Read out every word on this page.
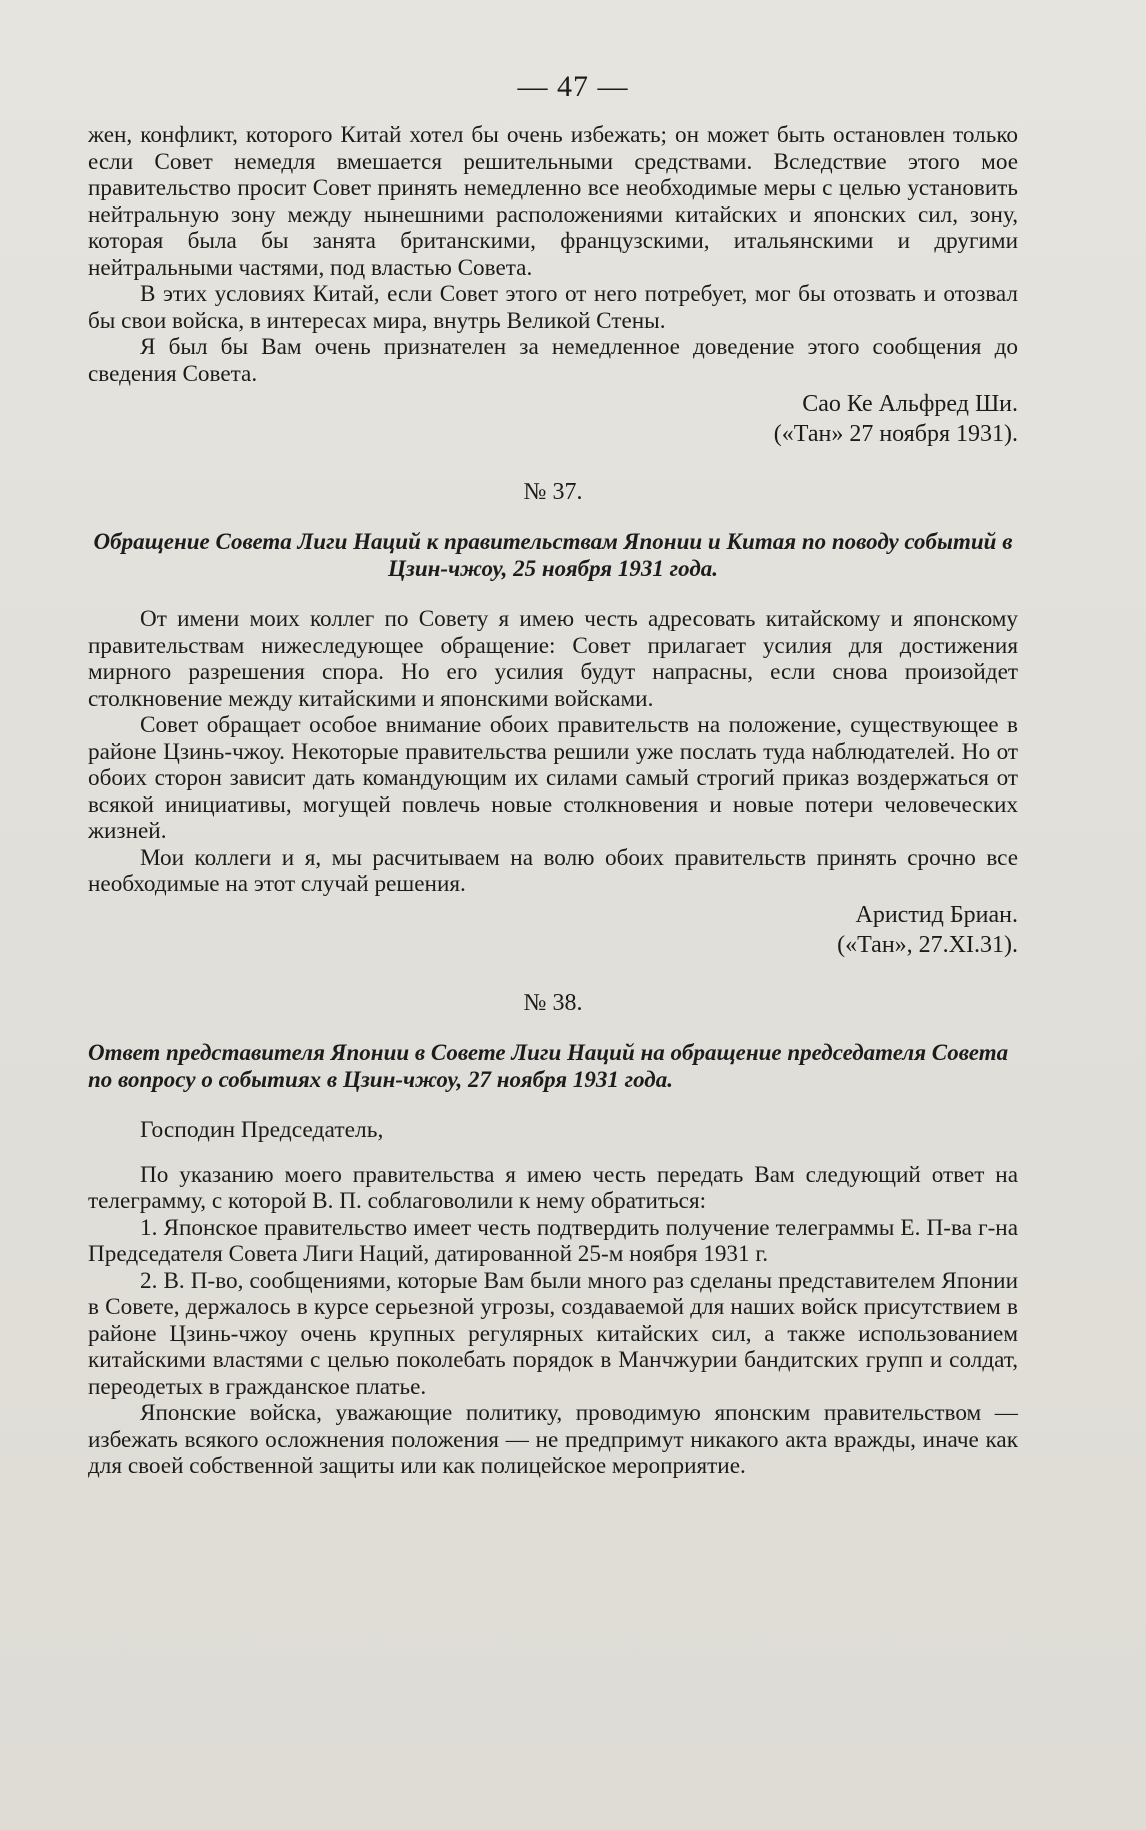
— 47 —

жен, конфликт, которого Китай хотел бы очень избежать; он может быть остановлен только если Совет немедля вмешается решительными средствами. Вследствие этого мое правительство просит Совет принять немедленно все необходимые меры с целью установить нейтральную зону между нынешними расположениями китайских и японских сил, зону, которая была бы занята британскими, французскими, итальянскими и другими нейтральными частями, под властью Совета.

В этих условиях Китай, если Совет этого от него потребует, мог бы отозвать и отозвал бы свои войска, в интересах мира, внутрь Великой Стены.

Я был бы Вам очень признателен за немедленное доведение этого сообщения до сведения Совета.

Сао Ке Альфред Ши.
(«Тан» 27 ноября 1931).
№ 37.
Обращение Совета Лиги Наций к правительствам Японии и Китая по поводу событий в Цзин-чжоу, 25 ноября 1931 года.

От имени моих коллег по Совету я имею честь адресовать китайскому и японскому правительствам нижеследующее обращение: Совет прилагает усилия для достижения мирного разрешения спора. Но его усилия будут напрасны, если снова произойдет столкновение между китайскими и японскими войсками.

Совет обращает особое внимание обоих правительств на положение, существующее в районе Цзинь-чжоу. Некоторые правительства решили уже послать туда наблюдателей. Но от обоих сторон зависит дать командующим их силами самый строгий приказ воздержаться от всякой инициативы, могущей повлечь новые столкновения и новые потери человеческих жизней.

Мои коллеги и я, мы расчитываем на волю обоих правительств принять срочно все необходимые на этот случай решения.

Аристид Бриан.
(«Тан», 27.XI.31).
№ 38.
Ответ представителя Японии в Совете Лиги Наций на обращение председателя Совета по вопросу о событиях в Цзин-чжоу, 27 ноября 1931 года.
Господин Председатель,

По указанию моего правительства я имею честь передать Вам следующий ответ на телеграмму, с которой В. П. соблаговолили к нему обратиться:

1. Японское правительство имеет честь подтвердить получение телеграммы Е. П-ва г-на Председателя Совета Лиги Наций, датированной 25-м ноября 1931 г.

2. В. П-во, сообщениями, которые Вам были много раз сделаны представителем Японии в Совете, держалось в курсе серьезной угрозы, создаваемой для наших войск присутствием в районе Цзинь-чжоу очень крупных регулярных китайских сил, а также использованием китайскими властями с целью поколебать порядок в Манчжурии бандитских групп и солдат, переодетых в гражданское платье.

Японские войска, уважающие политику, проводимую японским правительством — избежать всякого осложнения положения — не предпримут никакого акта вражды, иначе как для своей собственной защиты или как полицейское мероприятие.
